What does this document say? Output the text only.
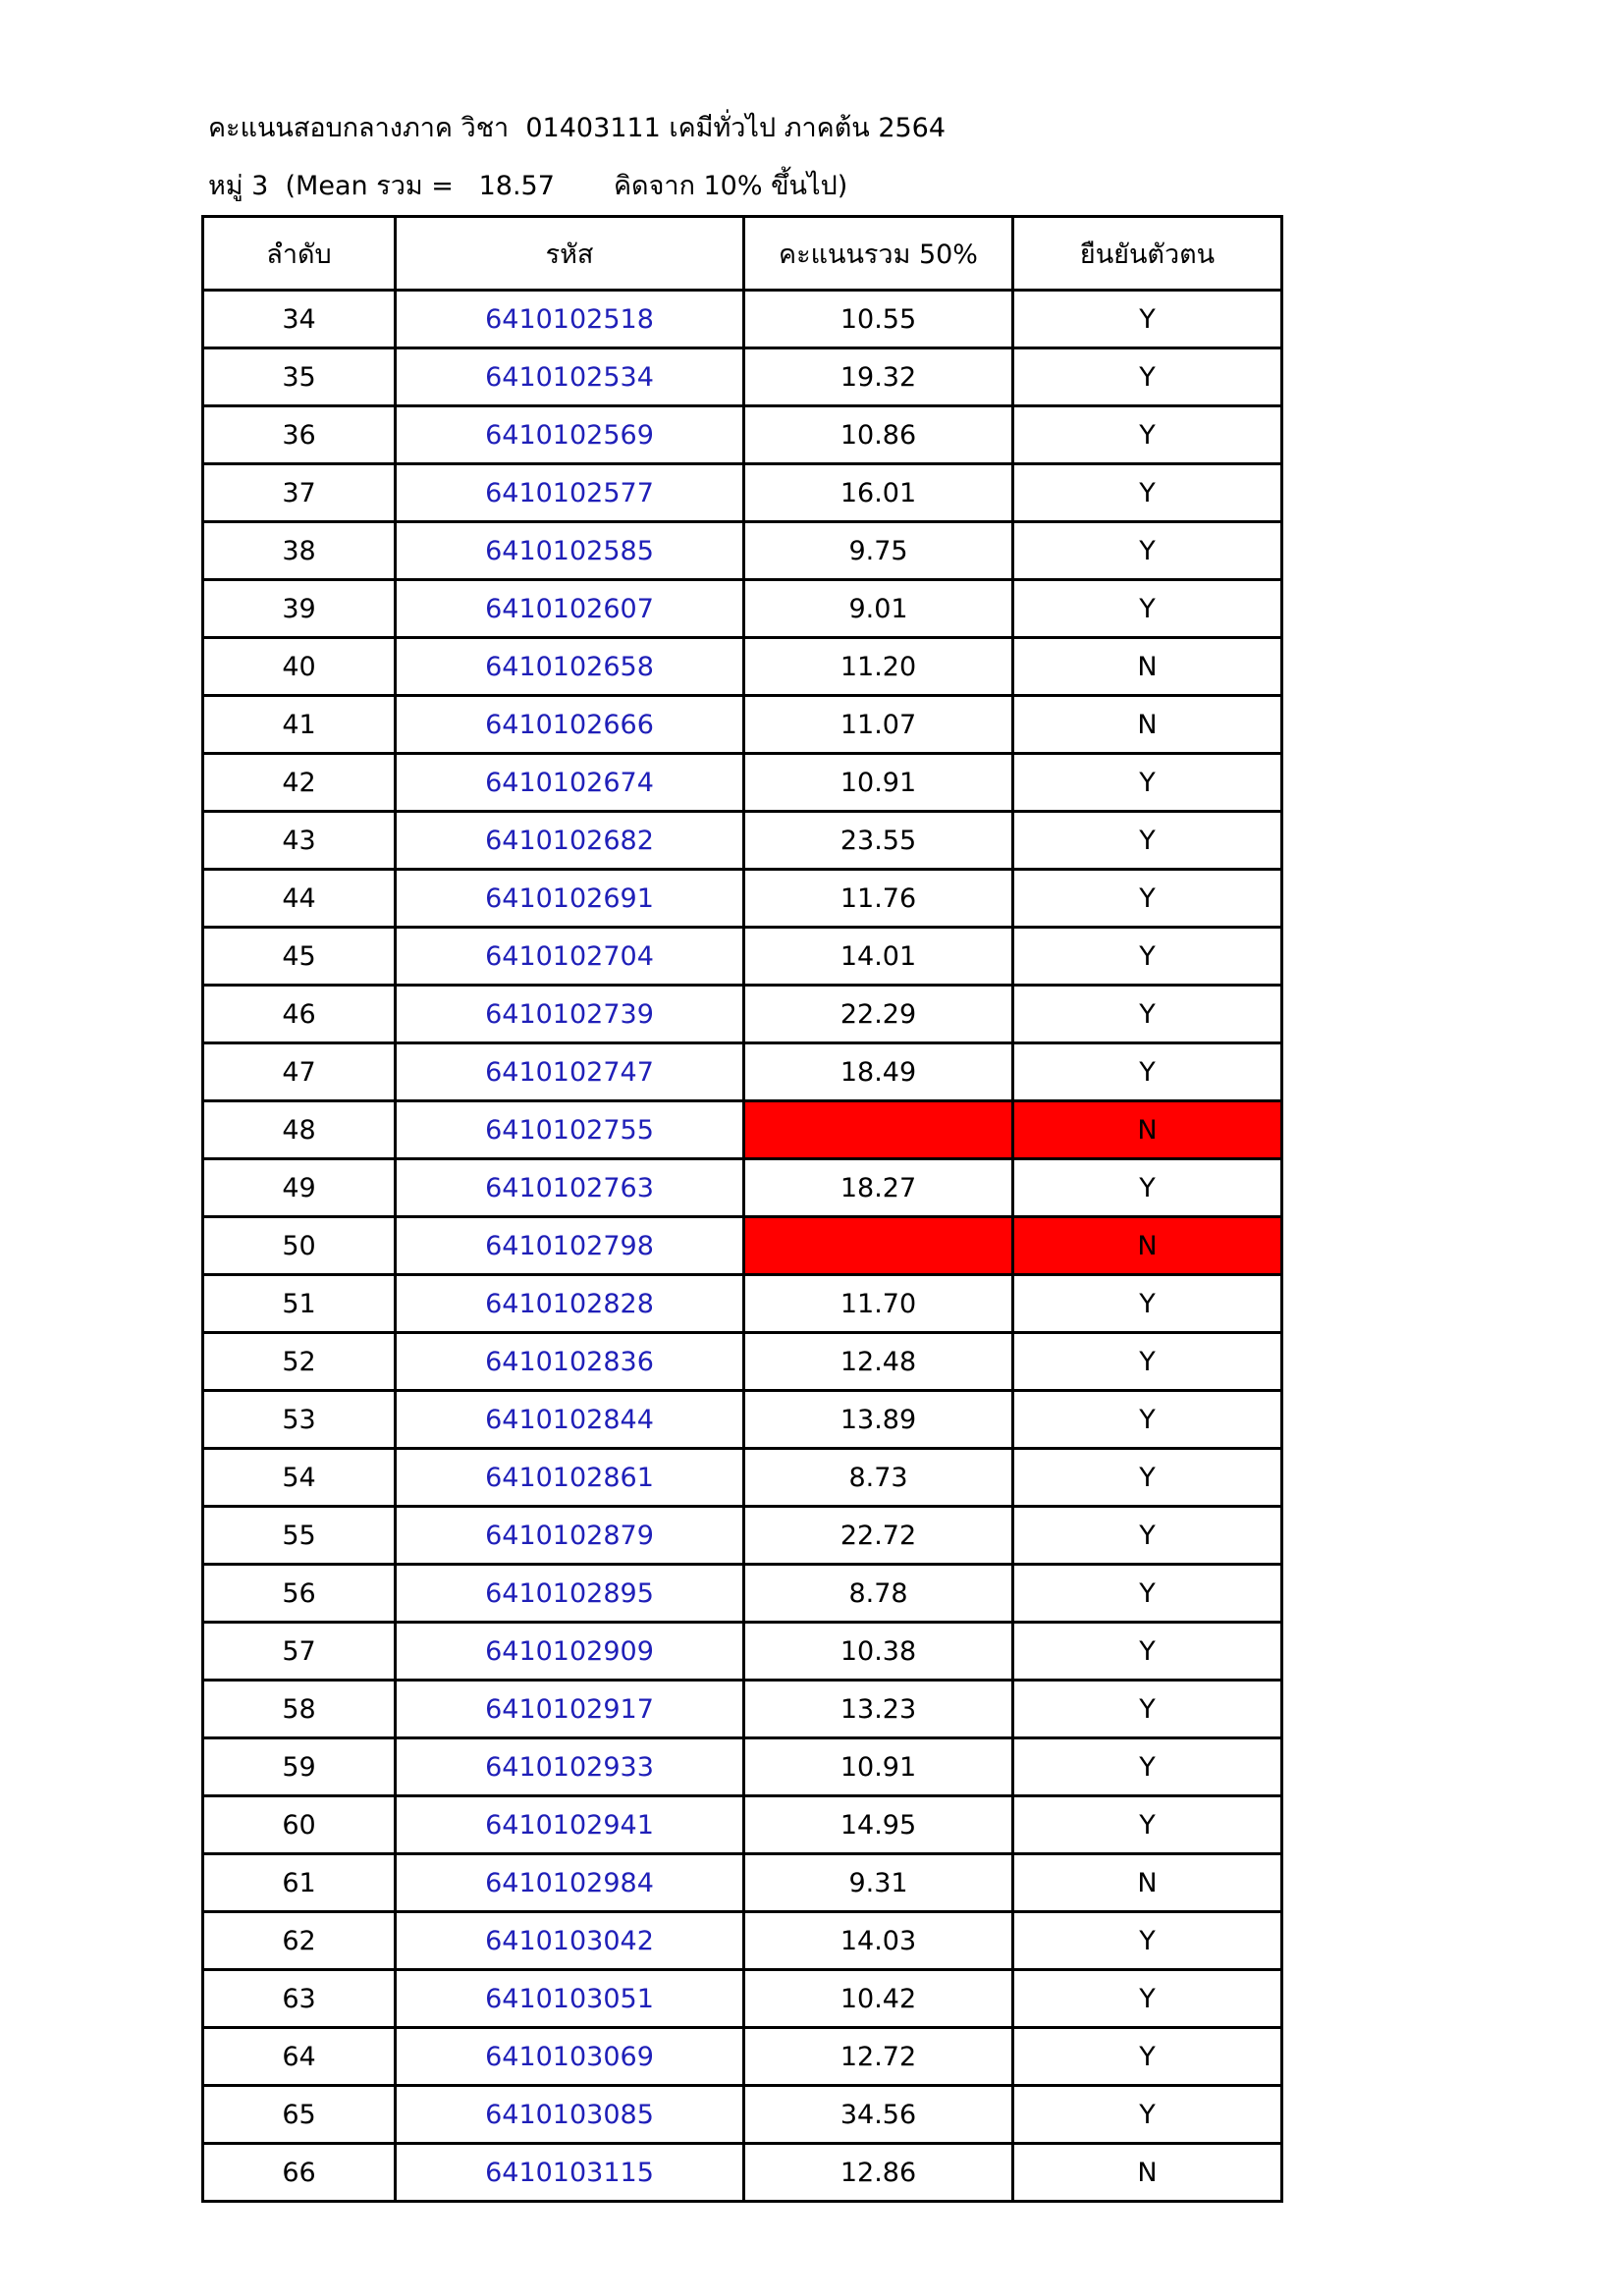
คะแนนสอบกลางภาค วิชา  01403111 เคมีทั่วไป ภาคต้น 2564
หมู่ 3  (Mean รวม =   18.57       คิดจาก 10% ขึ้นไป)
ลำดับ	รหัส	คะแนนรวม 50%	ยืนยันตัวตน
34	6410102518	10.55	Y
35	6410102534	19.32	Y
36	6410102569	10.86	Y
37	6410102577	16.01	Y
38	6410102585	9.75	Y
39	6410102607	9.01	Y
40	6410102658	11.20	N
41	6410102666	11.07	N
42	6410102674	10.91	Y
43	6410102682	23.55	Y
44	6410102691	11.76	Y
45	6410102704	14.01	Y
46	6410102739	22.29	Y
47	6410102747	18.49	Y
48	6410102755		N
49	6410102763	18.27	Y
50	6410102798		N
51	6410102828	11.70	Y
52	6410102836	12.48	Y
53	6410102844	13.89	Y
54	6410102861	8.73	Y
55	6410102879	22.72	Y
56	6410102895	8.78	Y
57	6410102909	10.38	Y
58	6410102917	13.23	Y
59	6410102933	10.91	Y
60	6410102941	14.95	Y
61	6410102984	9.31	N
62	6410103042	14.03	Y
63	6410103051	10.42	Y
64	6410103069	12.72	Y
65	6410103085	34.56	Y
66	6410103115	12.86	N
